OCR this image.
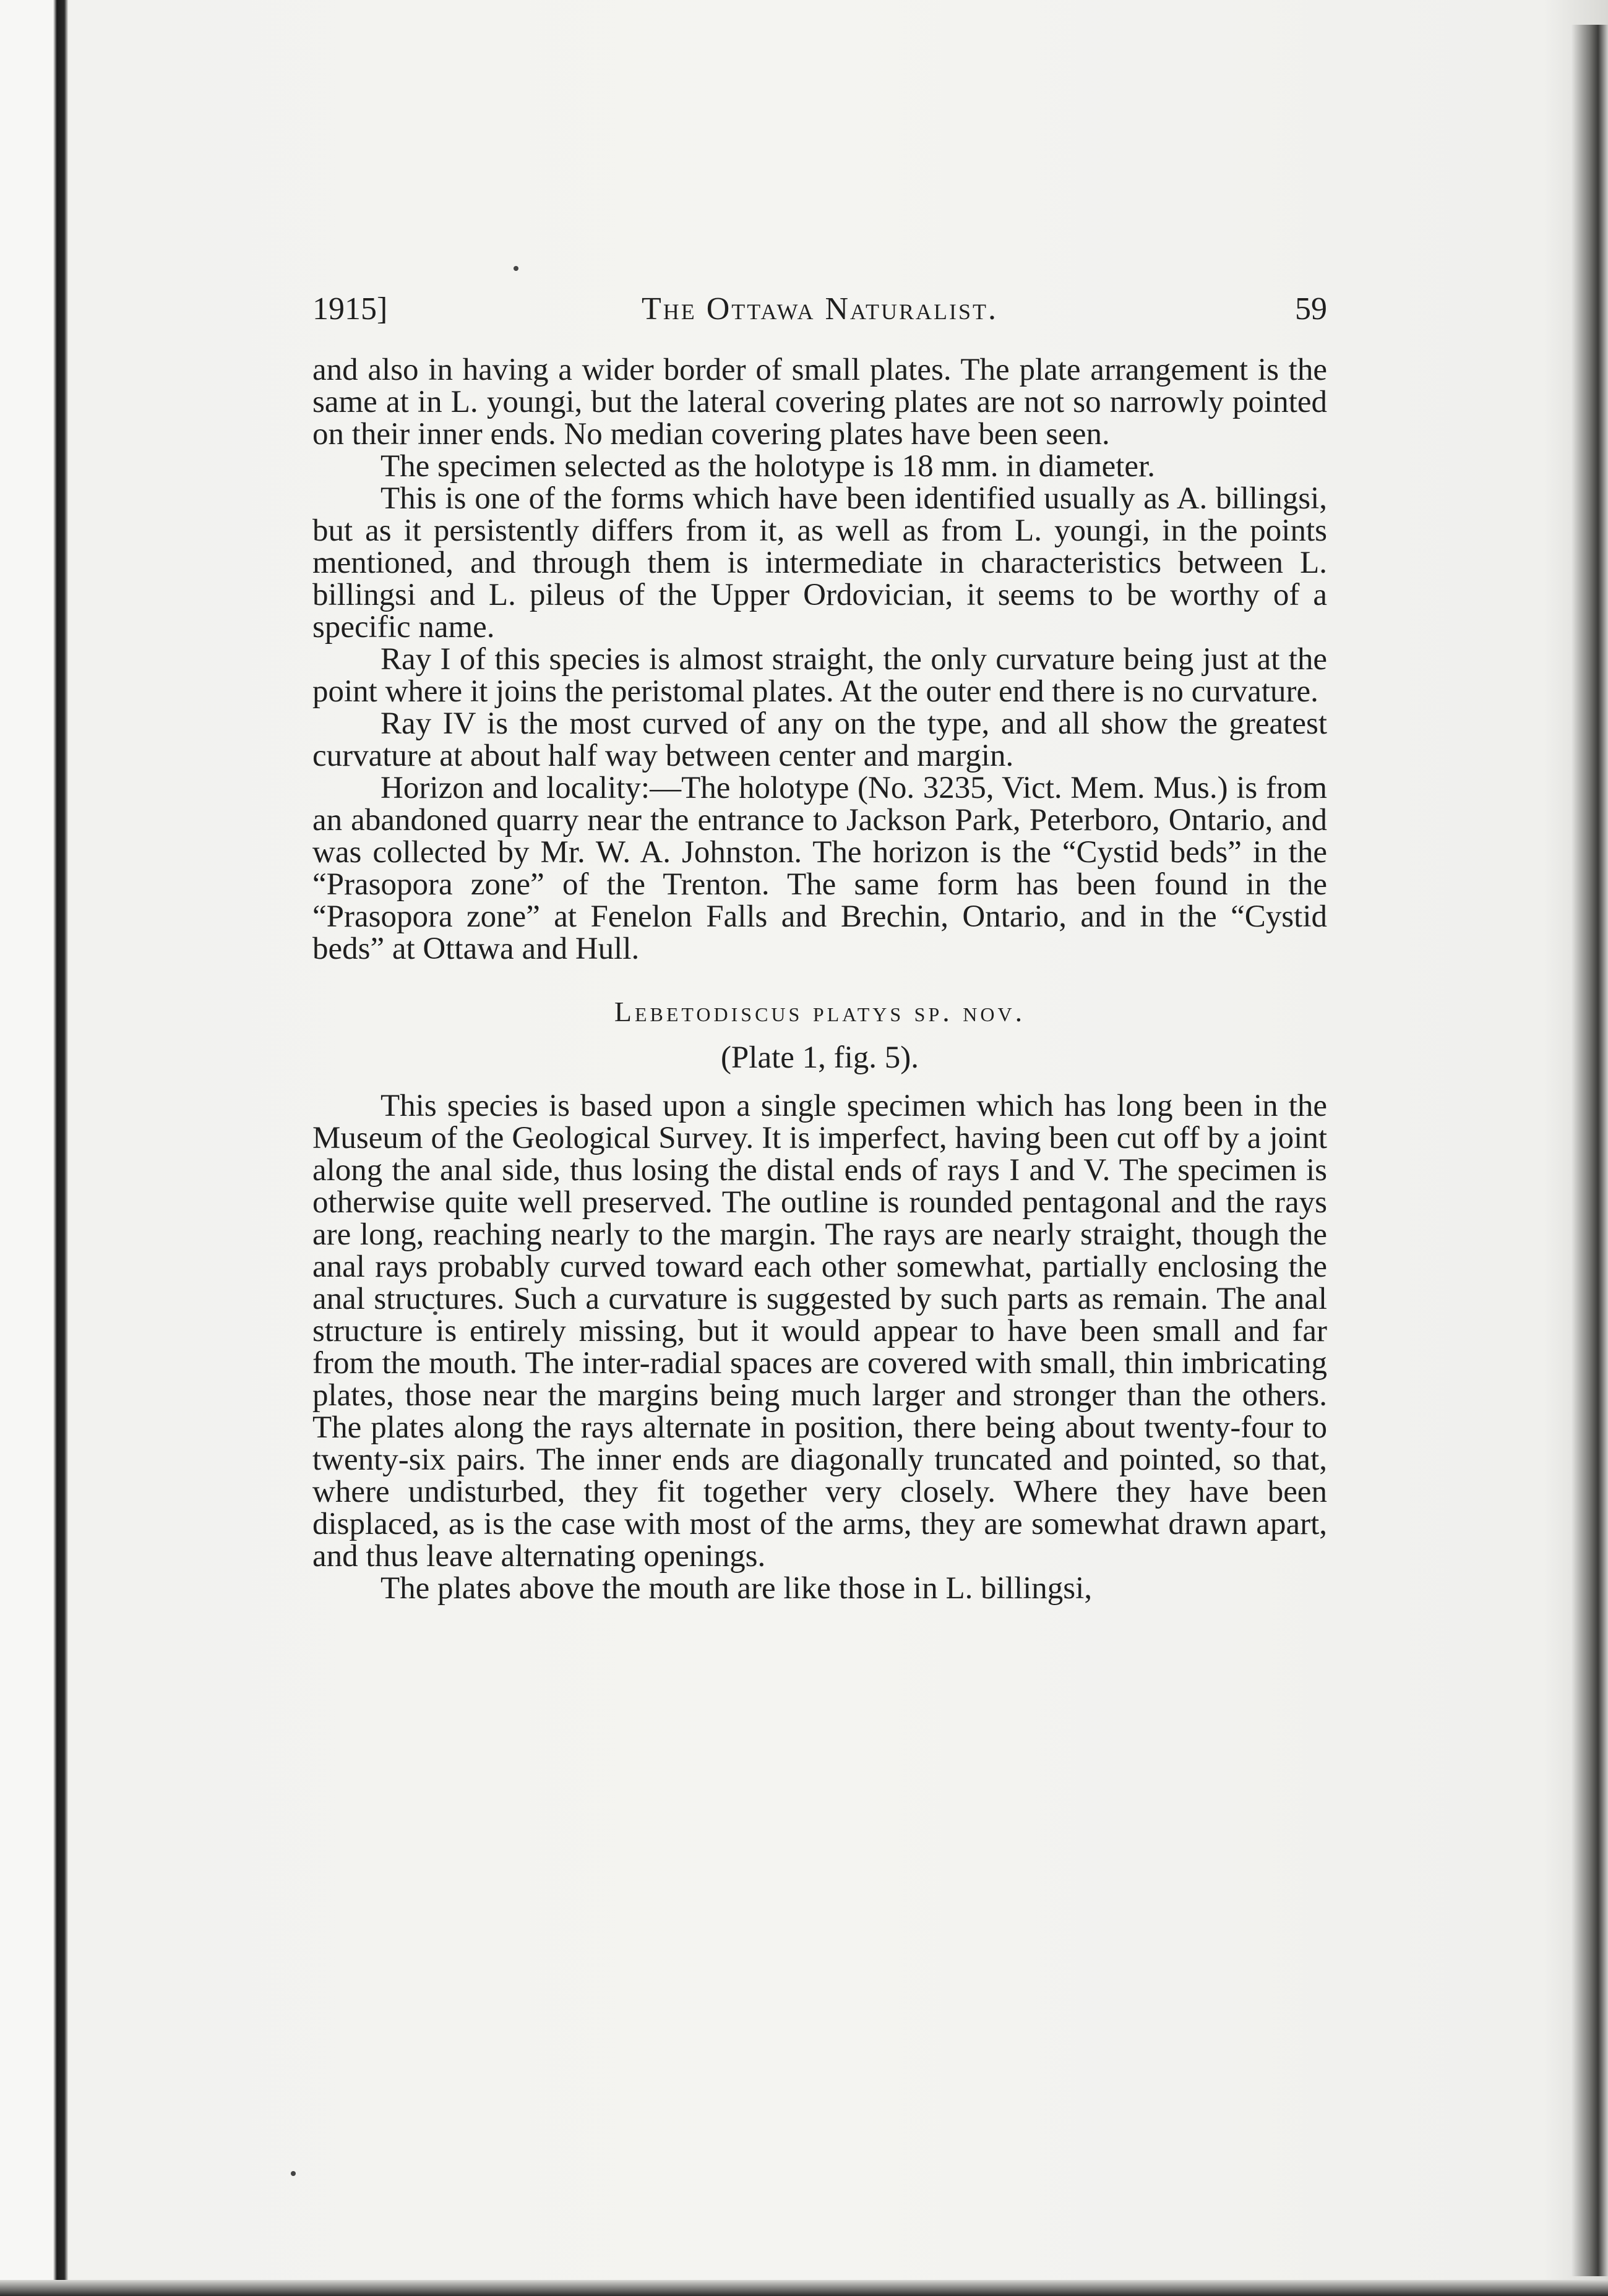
1915]	The Ottawa Naturalist.	59

and also in having a wider border of small plates. The plate arrangement is the same at in L. youngi, but the lateral covering plates are not so narrowly pointed on their inner ends. No median covering plates have been seen.

The specimen selected as the holotype is 18 mm. in diameter.

This is one of the forms which have been identified usually as A. billingsi, but as it persistently differs from it, as well as from L. youngi, in the points mentioned, and through them is intermediate in characteristics between L. billingsi and L. pileus of the Upper Ordovician, it seems to be worthy of a specific name.

Ray I of this species is almost straight, the only curvature being just at the point where it joins the peristomal plates. At the outer end there is no curvature.

Ray IV is the most curved of any on the type, and all show the greatest curvature at about half way between center and margin.

Horizon and locality:—The holotype (No. 3235, Vict. Mem. Mus.) is from an abandoned quarry near the entrance to Jackson Park, Peterboro, Ontario, and was collected by Mr. W. A. Johnston. The horizon is the “Cystid beds” in the “Prasopora zone” of the Trenton. The same form has been found in the “Prasopora zone” at Fenelon Falls and Brechin, Ontario, and in the “Cystid beds” at Ottawa and Hull.

Lebetodiscus platys sp. nov.

(Plate 1, fig. 5).

This species is based upon a single specimen which has long been in the Museum of the Geological Survey. It is imperfect, having been cut off by a joint along the anal side, thus losing the distal ends of rays I and V. The specimen is otherwise quite well preserved. The outline is rounded pentagonal and the rays are long, reaching nearly to the margin. The rays are nearly straight, though the anal rays probably curved toward each other somewhat, partially enclosing the anal structures. Such a curvature is suggested by such parts as remain. The anal structure is entirely missing, but it would appear to have been small and far from the mouth. The inter-radial spaces are covered with small, thin imbricating plates, those near the margins being much larger and stronger than the others. The plates along the rays alternate in position, there being about twenty-four to twenty-six pairs. The inner ends are diagonally truncated and pointed, so that, where undisturbed, they fit together very closely. Where they have been displaced, as is the case with most of the arms, they are somewhat drawn apart, and thus leave alternating openings.

The plates above the mouth are like those in L. billingsi,
